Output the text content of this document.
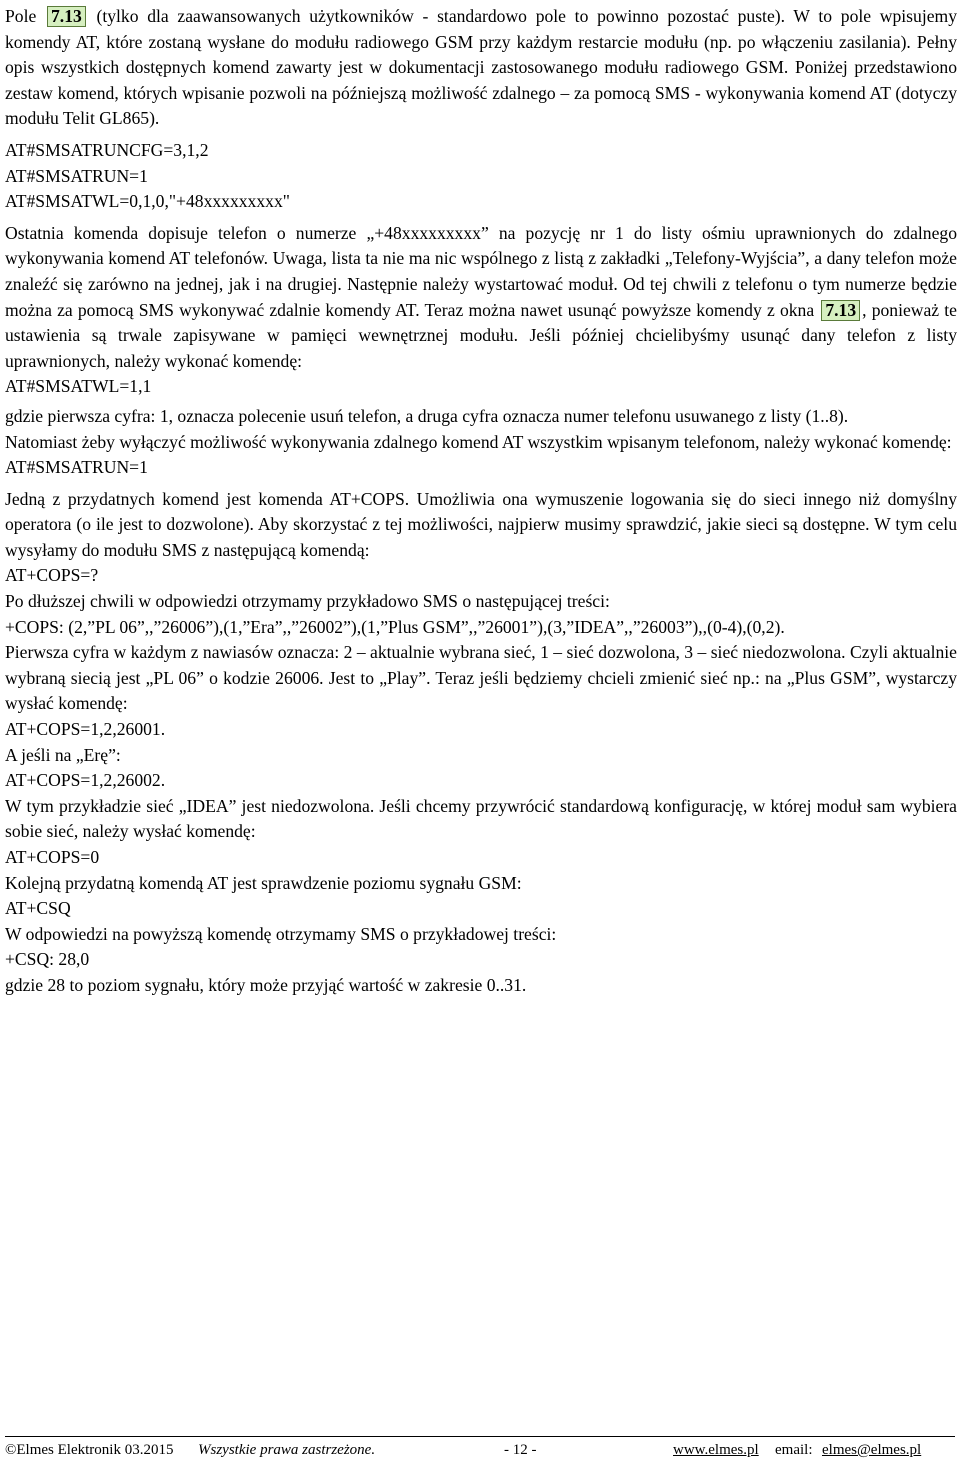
Pole 7.13 (tylko dla zaawansowanych użytkowników - standardowo pole to powinno pozostać puste). W to pole wpisujemy komendy AT, które zostaną wysłane do modułu radiowego GSM przy każdym restarcie modułu (np. po włączeniu zasilania). Pełny opis wszystkich dostępnych komend zawarty jest w dokumentacji zastosowanego modułu radiowego GSM. Poniżej przedstawiono zestaw komend, których wpisanie pozwoli na późniejszą możliwość zdalnego – za pomocą SMS - wykonywania komend AT (dotyczy modułu Telit GL865).

AT#SMSATRUNCFG=3,1,2

AT#SMSATRUN=1

AT#SMSATWL=0,1,0,"+48xxxxxxxxx"

Ostatnia komenda dopisuje telefon o numerze „+48xxxxxxxxx” na pozycję nr 1 do listy ośmiu uprawnionych do zdalnego wykonywania komend AT telefonów. Uwaga, lista ta nie ma nic wspólnego z listą z zakładki „Telefony-Wyjścia”, a dany telefon może znaleźć się zarówno na jednej, jak i na drugiej. Następnie należy wystartować moduł. Od tej chwili z telefonu o tym numerze będzie można za pomocą SMS wykonywać zdalnie komendy AT. Teraz można nawet usunąć powyższe komendy z okna 7.13 , ponieważ te ustawienia są trwale zapisywane w pamięci wewnętrznej modułu. Jeśli później chcielibyśmy usunąć dany telefon z listy uprawnionych, należy wykonać komendę:

AT#SMSATWL=1,1

gdzie pierwsza cyfra: 1, oznacza polecenie usuń telefon, a druga cyfra oznacza numer telefonu usuwanego z listy (1..8).

Natomiast żeby wyłączyć możliwość wykonywania zdalnego komend AT wszystkim wpisanym telefonom, należy wykonać komendę:

AT#SMSATRUN=1

Jedną z przydatnych komend jest komenda AT+COPS. Umożliwia ona wymuszenie logowania się do sieci innego niż domyślny operatora (o ile jest to dozwolone). Aby skorzystać z tej możliwości, najpierw musimy sprawdzić, jakie sieci są dostępne. W tym celu wysyłamy do modułu SMS z następującą komendą:

AT+COPS=?

Po dłuższej chwili w odpowiedzi otrzymamy przykładowo SMS o następującej treści:

+COPS: (2,”PL 06”,,”26006”),(1,”Era”,,”26002”),(1,”Plus GSM”,,”26001”),(3,”IDEA”,,”26003”),,(0-4),(0,2).

Pierwsza cyfra w każdym z nawiasów oznacza: 2 – aktualnie wybrana sieć, 1 – sieć dozwolona, 3 – sieć niedozwolona. Czyli aktualnie wybraną siecią jest „PL 06” o kodzie 26006. Jest to „Play”. Teraz jeśli będziemy chcieli zmienić sieć np.: na „Plus GSM”, wystarczy wysłać komendę:

AT+COPS=1,2,26001.

A jeśli na „Erę”:

AT+COPS=1,2,26002.

W tym przykładzie sieć „IDEA” jest niedozwolona. Jeśli chcemy przywrócić standardową konfigurację, w której moduł sam wybiera sobie sieć, należy wysłać komendę:

AT+COPS=0

Kolejną przydatną komendą AT jest sprawdzenie poziomu sygnału GSM:

AT+CSQ

W odpowiedzi na powyższą komendę otrzymamy SMS o przykładowej treści:

+CSQ: 28,0

gdzie 28 to poziom sygnału, który może przyjąć wartość w zakresie 0..31.

©Elmes Elektronik 03.2015 Wszystkie prawa zastrzeżone.	- 12 -	www.elmes.pl email: elmes@elmes.pl
